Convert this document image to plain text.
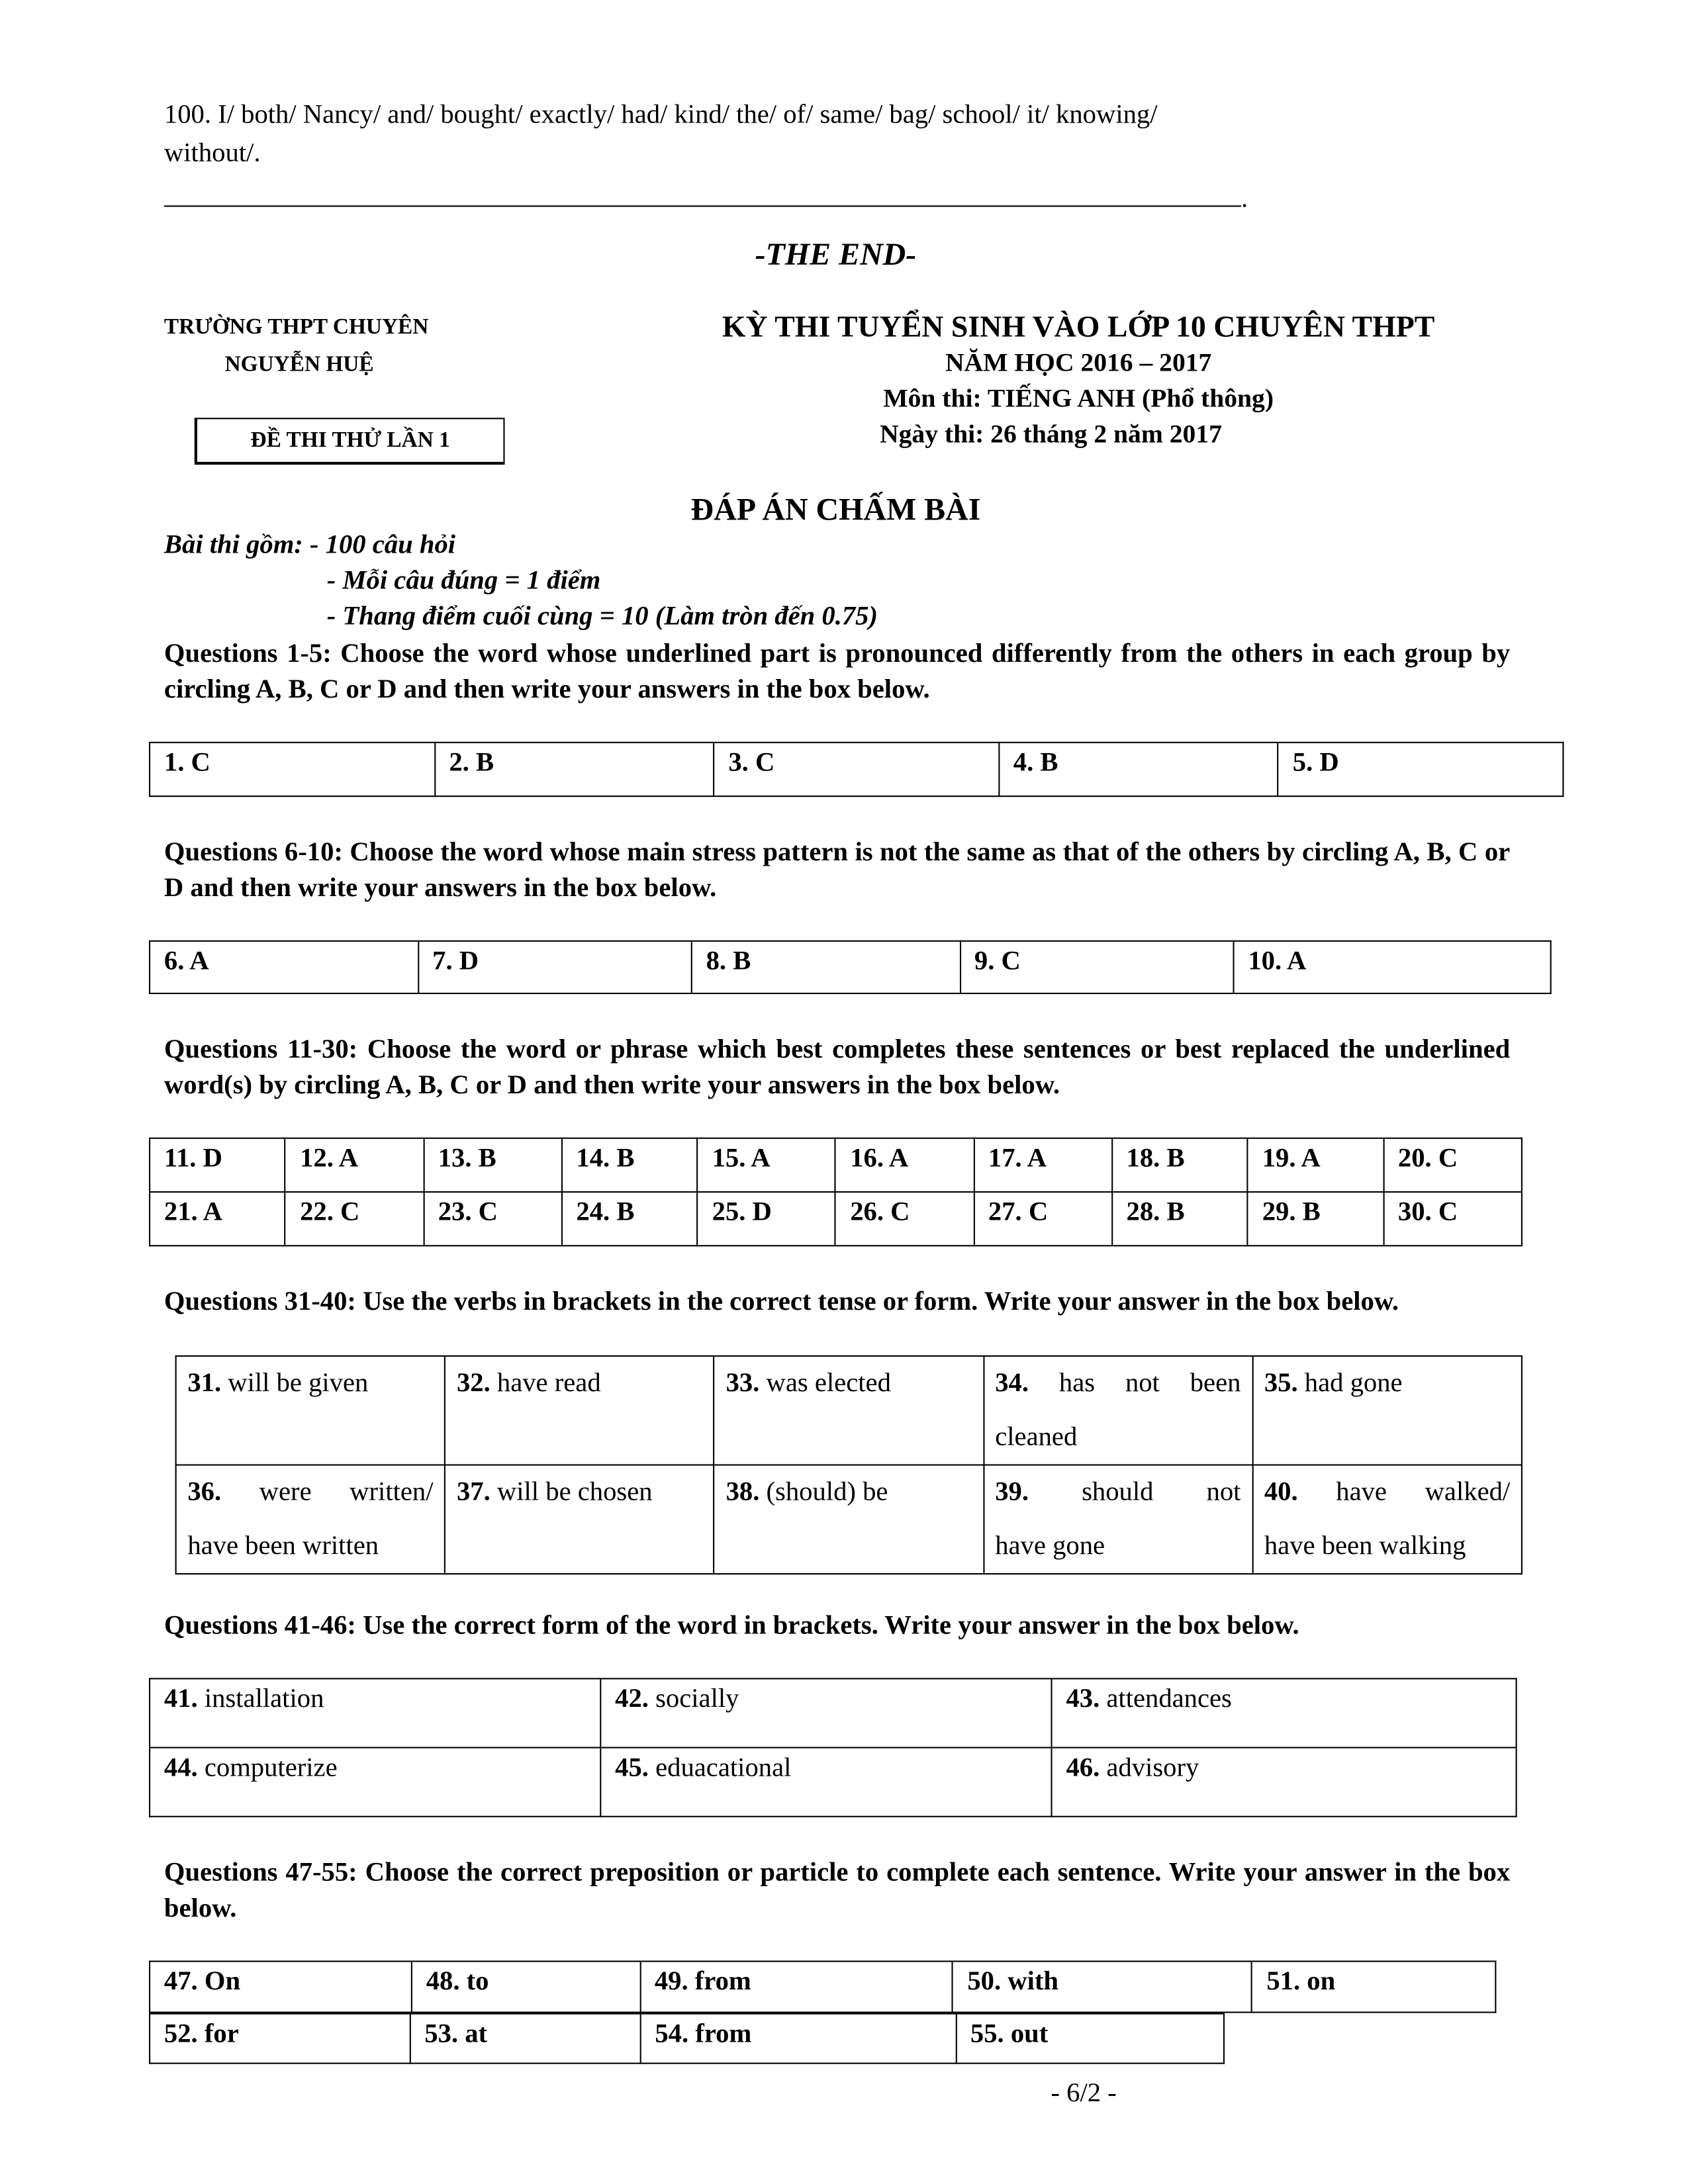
100. I/ both/ Nancy/ and/ bought/ exactly/ had/ kind/ the/ of/ same/ bag/ school/ it/ knowing/
without/.
.
-THE END-
TRƯỜNG THPT CHUYÊN
NGUYỄN HUỆ
ĐỀ THI THỬ LẦN 1
KỲ THI TUYỂN SINH VÀO LỚP 10 CHUYÊN THPT
NĂM HỌC 2016 – 2017
Môn thi: TIẾNG ANH (Phổ thông)
Ngày thi: 26 tháng 2 năm 2017
ĐÁP ÁN CHẤM BÀI
Bài thi gồm: - 100 câu hỏi
- Mỗi câu đúng = 1 điểm
- Thang điểm cuối cùng = 10 (Làm tròn đến 0.75)
Questions 1-5: Choose the word whose underlined part is pronounced differently from the others in each group by circling A, B, C or D and then write your answers in the box below.
1. C	2. B	3. C	4. B	5. D
Questions 6-10: Choose the word whose main stress pattern is not the same as that of the others by circling A, B, C or D and then write your answers in the box below.
6. A	7. D	8. B	9. C	10. A
Questions 11-30: Choose the word or phrase which best completes these sentences or best replaced the underlined word(s) by circling A, B, C or D and then write your answers in the box below.
11. D	12. A	13. B	14. B	15. A	16. A	17. A	18. B	19. A	20. C
21. A	22. C	23. C	24. B	25. D	26. C	27. C	28. B	29. B	30. C
Questions 31-40: Use the verbs in brackets in the correct tense or form. Write your answer in the box below.
31. will be given	32. have read	33. was elected	34.  has  not  been cleaned	35. had gone
36.    were    written/ have been written	37. will be chosen	38. (should) be	39.     should     not have gone	40.  have  walked/ have been walking
Questions 41-46: Use the correct form of the word in brackets. Write your answer in the box below.
41. installation	42. socially	43. attendances
44. computerize	45. eduacational	46. advisory
Questions 47-55: Choose the correct preposition or particle to complete each sentence. Write your answer in the box below.
47. On	48. to	49. from	50. with	51. on
52. for	53. at	54. from	55. out
- 6/2 -
